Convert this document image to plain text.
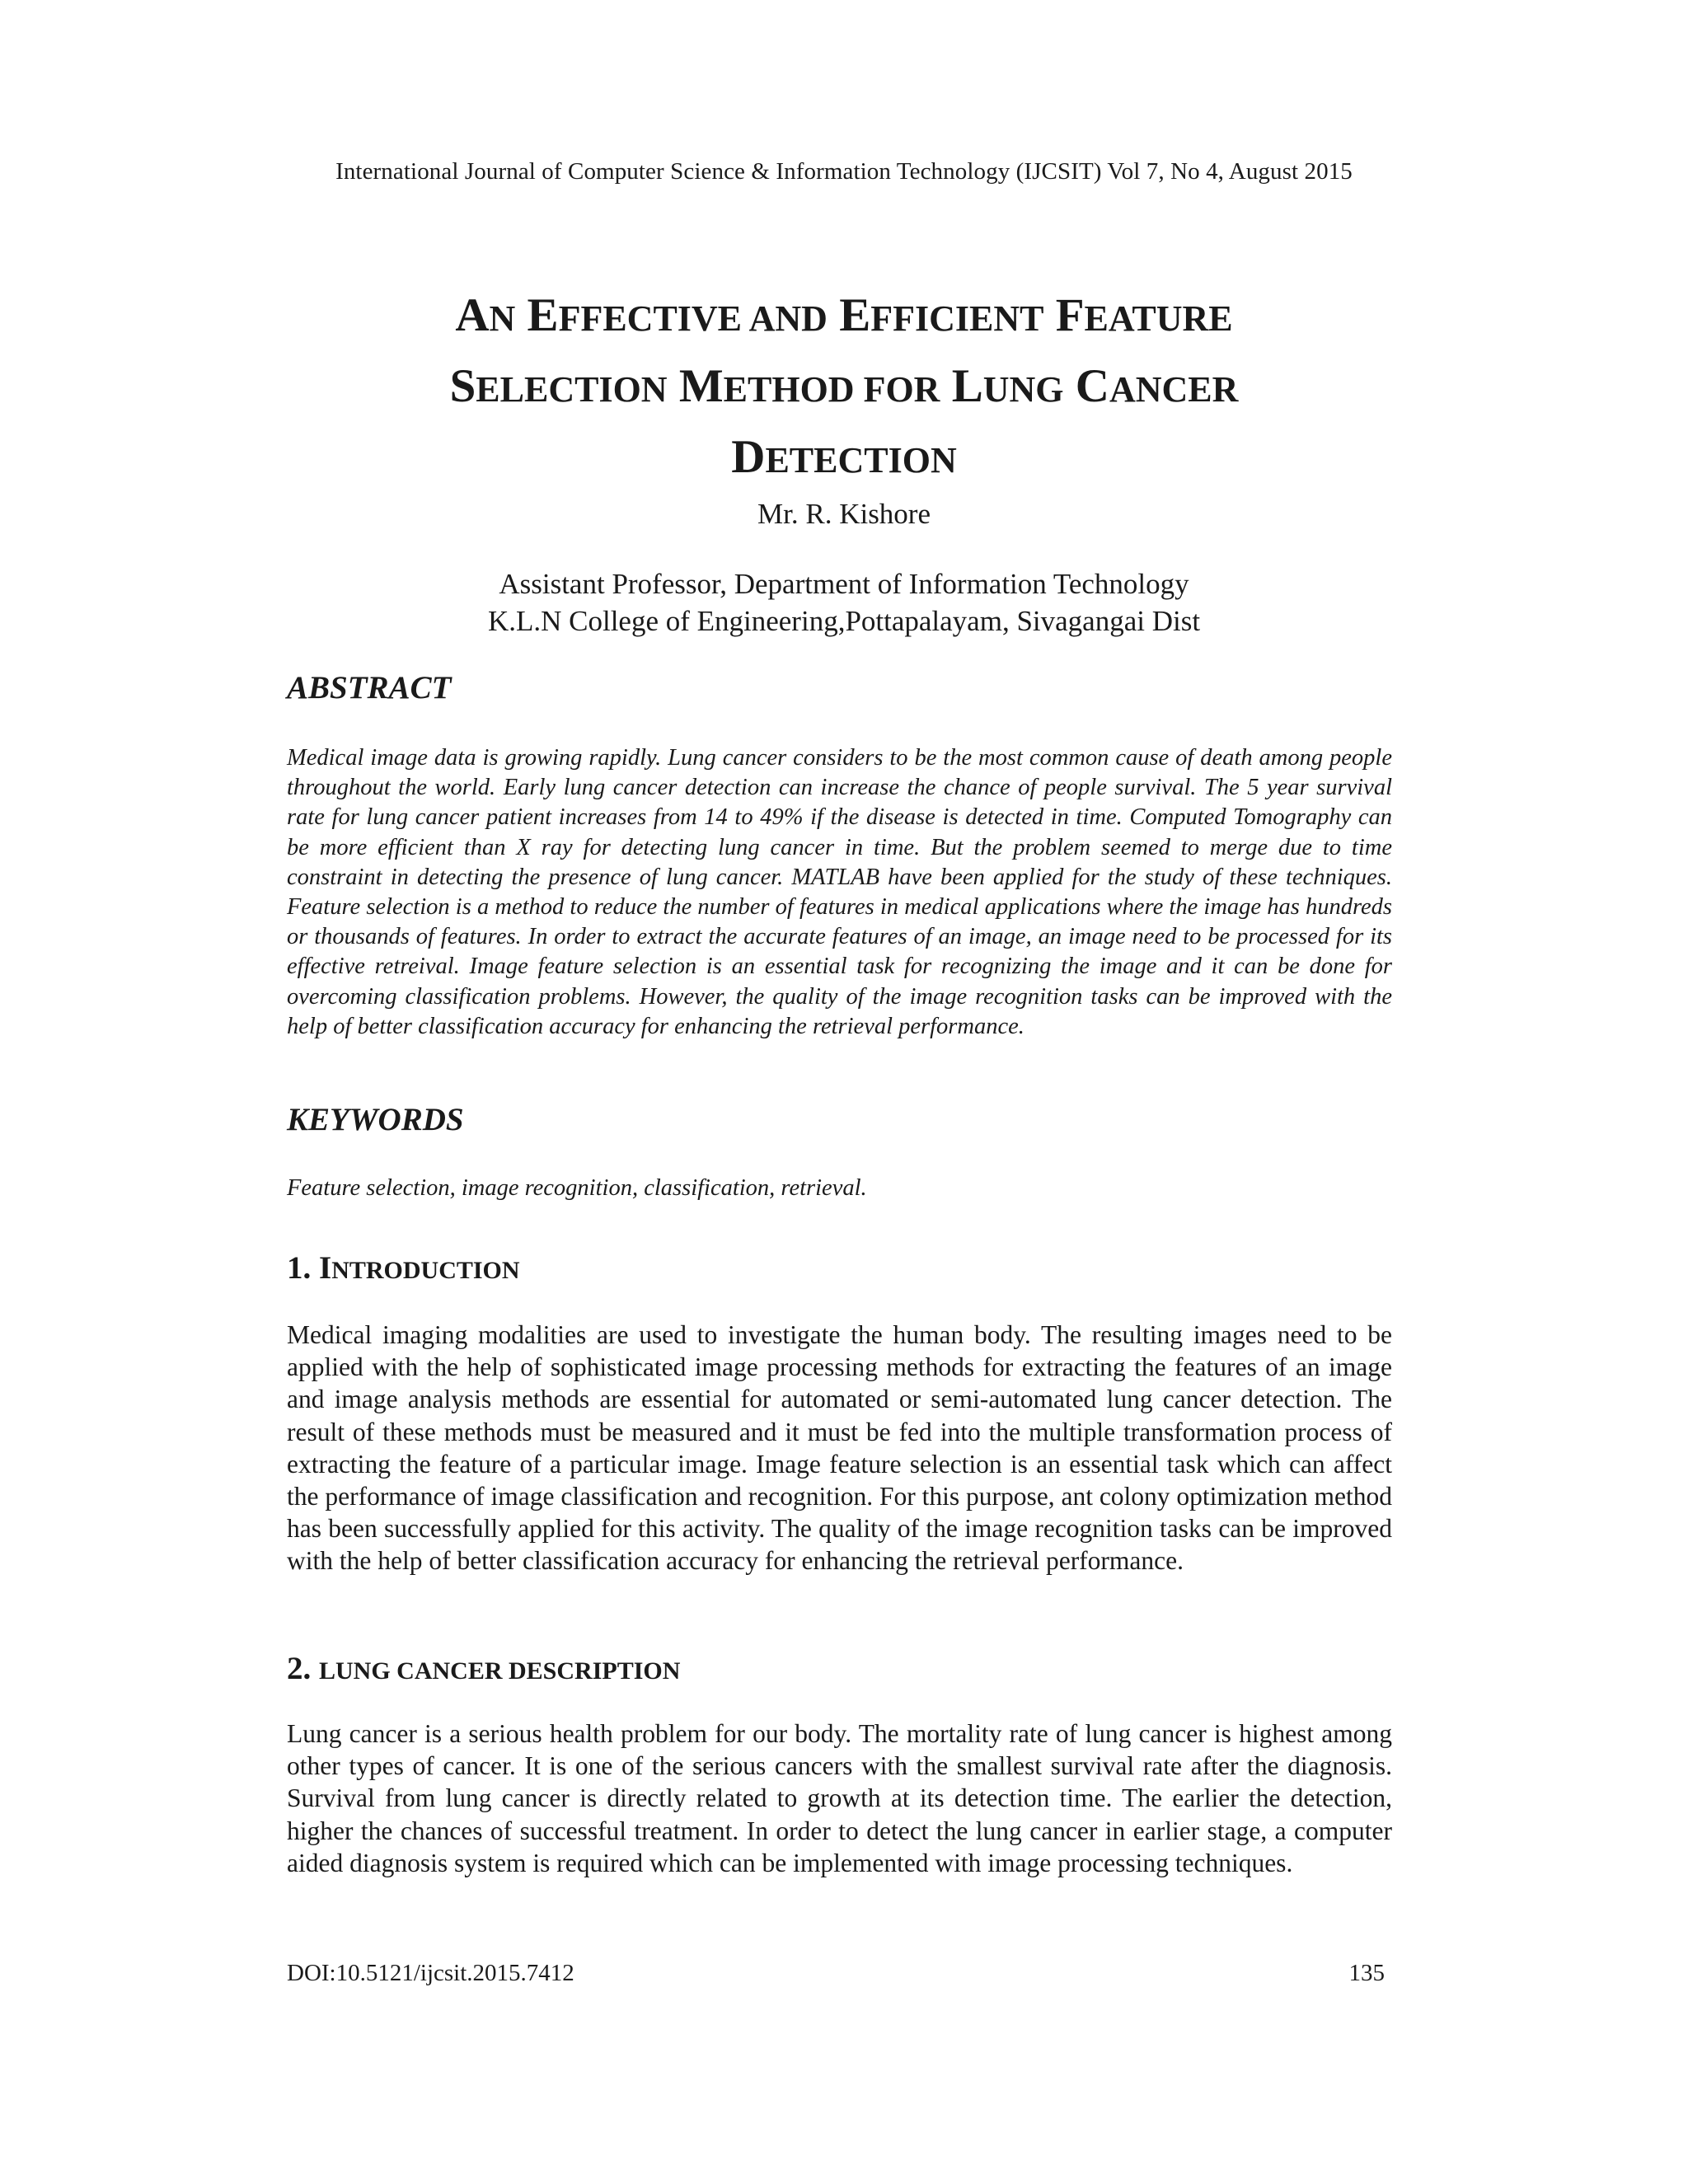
International Journal of Computer Science & Information Technology (IJCSIT) Vol 7, No 4, August 2015
AN EFFECTIVE AND EFFICIENT FEATURE
SELECTION METHOD FOR LUNG CANCER
DETECTION
Mr. R. Kishore
Assistant Professor, Department of Information Technology
K.L.N College of Engineering,Pottapalayam, Sivagangai Dist
ABSTRACT
Medical image data is growing rapidly. Lung cancer considers to be the most common cause of death among people throughout the world. Early lung cancer detection can increase the chance of people survival. The 5 year survival rate for lung cancer patient increases from 14 to 49% if the disease is detected in time. Computed Tomography can be more efficient than X ray for detecting lung cancer in time. But the problem seemed to merge due to time constraint in detecting the presence of lung cancer. MATLAB have been applied for the study of these techniques. Feature selection is a method to reduce the number of features in medical applications where the image has hundreds or thousands of features. In order to extract the accurate features of an image, an image need to be processed for its effective retreival. Image feature selection is an essential task for recognizing the image and it can be done for overcoming classification problems. However, the quality of the image recognition tasks can be improved with the help of better classification accuracy for enhancing the retrieval performance.
KEYWORDS
Feature selection, image recognition, classification, retrieval.
1. INTRODUCTION
Medical imaging modalities are used to investigate the human body. The resulting images need to be applied with the help of sophisticated image processing methods for extracting the features of an image and image analysis methods are essential for automated or semi-automated lung cancer detection. The result of these methods must be measured and it must be fed into the multiple transformation process of extracting the feature of a particular image. Image feature selection is an essential task which can affect the performance of image classification and recognition. For this purpose, ant colony optimization method has been successfully applied for this activity. The quality of the image recognition tasks can be improved with the help of better classification accuracy for enhancing the retrieval performance.
2. LUNG CANCER DESCRIPTION
Lung cancer is a serious health problem for our body. The mortality rate of lung cancer is highest among other types of cancer. It is one of the serious cancers with the smallest survival rate after the diagnosis. Survival from lung cancer is directly related to growth at its detection time. The earlier the detection, higher the chances of successful treatment. In order to detect the lung cancer in earlier stage, a computer aided diagnosis system is required which can be implemented with image processing techniques.
DOI:10.5121/ijcsit.2015.7412	135
